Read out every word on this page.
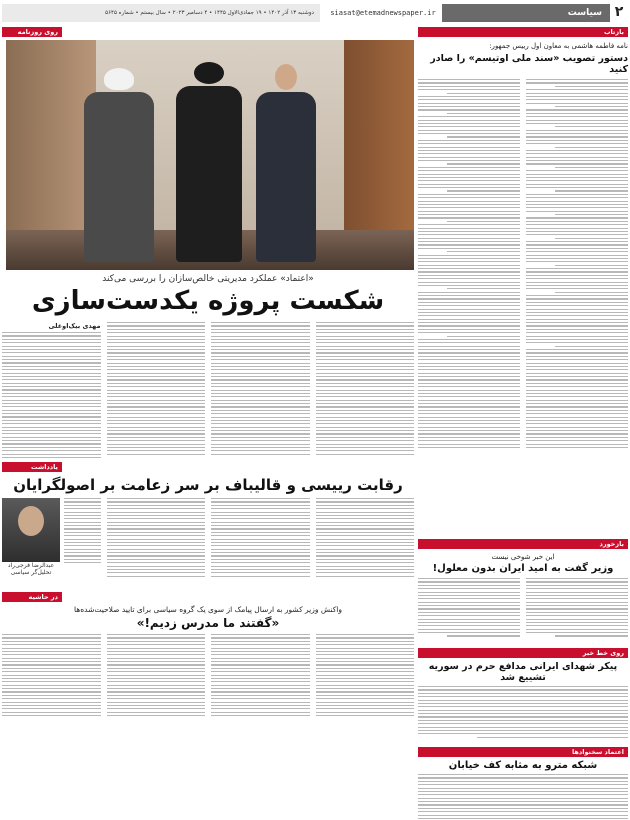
دوشنبه ۱۳ آذر ۱۴۰۲ • ۱۹ جمادی‌الاول ۱۴۴۵ • ۴ دسامبر ۲۰۲۳ • سال بیستم • شماره ۵۶۴۵	siasat@etemadnewspaper.ir	سیاست ۲
بازتاب
نامه فاطمه هاشمی به معاون اول رییس جمهور:
دستور تصویب «سند ملی اوتیسم» را صادر کنید
بازخورد
این خبر شوخی نیست
وزیر گفت به امید ایران بدون معلول!
روی خط خبر
پیکر شهدای ایرانی مدافع حرم در سوریه تشییع شد
اعتماد سخنوادها
شبکه مترو به مثابه کف خیابان
روی روزنامه
«اعتماد» عملکرد مدیریتی خالص‌سازان را بررسی می‌کند
شکست پروژه یکدست‌سازی
مهدی بیک‌اوغلی
یادداشت
رقابت رییسی و قالیباف بر سر زعامت بر اصولگرایان
عبدالرضا فرجی‌راد
تحلیل‌گر سیاسی
در حاشیه
واکنش وزیر کشور به ارسال پیامک از سوی یک گروه سیاسی برای تایید صلاحیت‌شده‌ها
«گفتند ما مدرس زدیم!»
